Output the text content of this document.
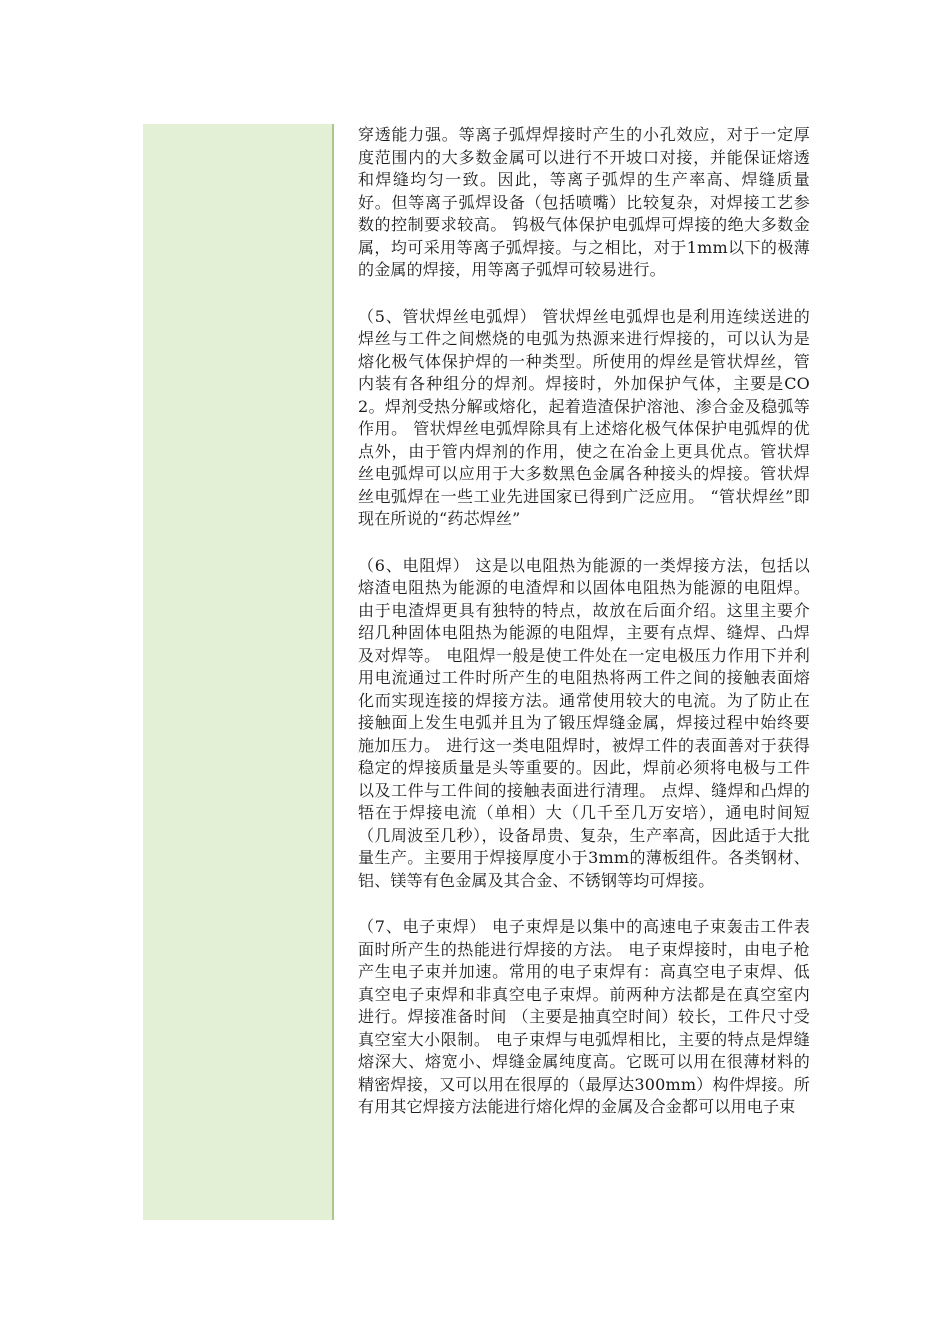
穿透能力强。等离子弧焊焊接时产生的小孔效应，对于一定厚度范围内的大多数金属可以进行不开坡口对接，并能保证熔透和焊缝均匀一致。因此，等离子弧焊的生产率高、焊缝质量好。但等离子弧焊设备（包括喷嘴）比较复杂，对焊接工艺参数的控制要求较高。 钨极气体保护电弧焊可焊接的绝大多数金属，均可采用等离子弧焊接。与之相比，对于1mm以下的极薄的金属的焊接，用等离子弧焊可较易进行。

（5、管状焊丝电弧焊） 管状焊丝电弧焊也是利用连续送进的焊丝与工件之间燃烧的电弧为热源来进行焊接的，可以认为是熔化极气体保护焊的一种类型。所使用的焊丝是管状焊丝，管内装有各种组分的焊剂。焊接时，外加保护气体，主要是CO2。焊剂受热分解或熔化，起着造渣保护溶池、渗合金及稳弧等作用。 管状焊丝电弧焊除具有上述熔化极气体保护电弧焊的优点外，由于管内焊剂的作用，使之在冶金上更具优点。管状焊丝电弧焊可以应用于大多数黑色金属各种接头的焊接。管状焊丝电弧焊在一些工业先进国家已得到广泛应用。 “管状焊丝”即现在所说的“药芯焊丝”

（6、电阻焊） 这是以电阻热为能源的一类焊接方法，包括以熔渣电阻热为能源的电渣焊和以固体电阻热为能源的电阻焊。由于电渣焊更具有独特的特点，故放在后面介绍。这里主要介绍几种固体电阻热为能源的电阻焊，主要有点焊、缝焊、凸焊及对焊等。 电阻焊一般是使工件处在一定电极压力作用下并利用电流通过工件时所产生的电阻热将两工件之间的接触表面熔化而实现连接的焊接方法。通常使用较大的电流。为了防止在接触面上发生电弧并且为了锻压焊缝金属，焊接过程中始终要施加压力。 进行这一类电阻焊时，被焊工件的表面善对于获得稳定的焊接质量是头等重要的。因此，焊前必须将电极与工件以及工件与工件间的接触表面进行清理。 点焊、缝焊和凸焊的牾在于焊接电流（单相）大（几千至几万安培），通电时间短（几周波至几秒），设备昂贵、复杂，生产率高，因此适于大批量生产。主要用于焊接厚度小于3mm的薄板组件。各类钢材、铝、镁等有色金属及其合金、不锈钢等均可焊接。

（7、电子束焊） 电子束焊是以集中的高速电子束轰击工件表面时所产生的热能进行焊接的方法。 电子束焊接时，由电子枪产生电子束并加速。常用的电子束焊有：高真空电子束焊、低真空电子束焊和非真空电子束焊。前两种方法都是在真空室内进行。焊接准备时间 （主要是抽真空时间）较长，工件尺寸受真空室大小限制。 电子束焊与电弧焊相比，主要的特点是焊缝熔深大、熔宽小、焊缝金属纯度高。它既可以用在很薄材料的精密焊接，又可以用在很厚的（最厚达300mm）构件焊接。所有用其它焊接方法能进行熔化焊的金属及合金都可以用电子束
